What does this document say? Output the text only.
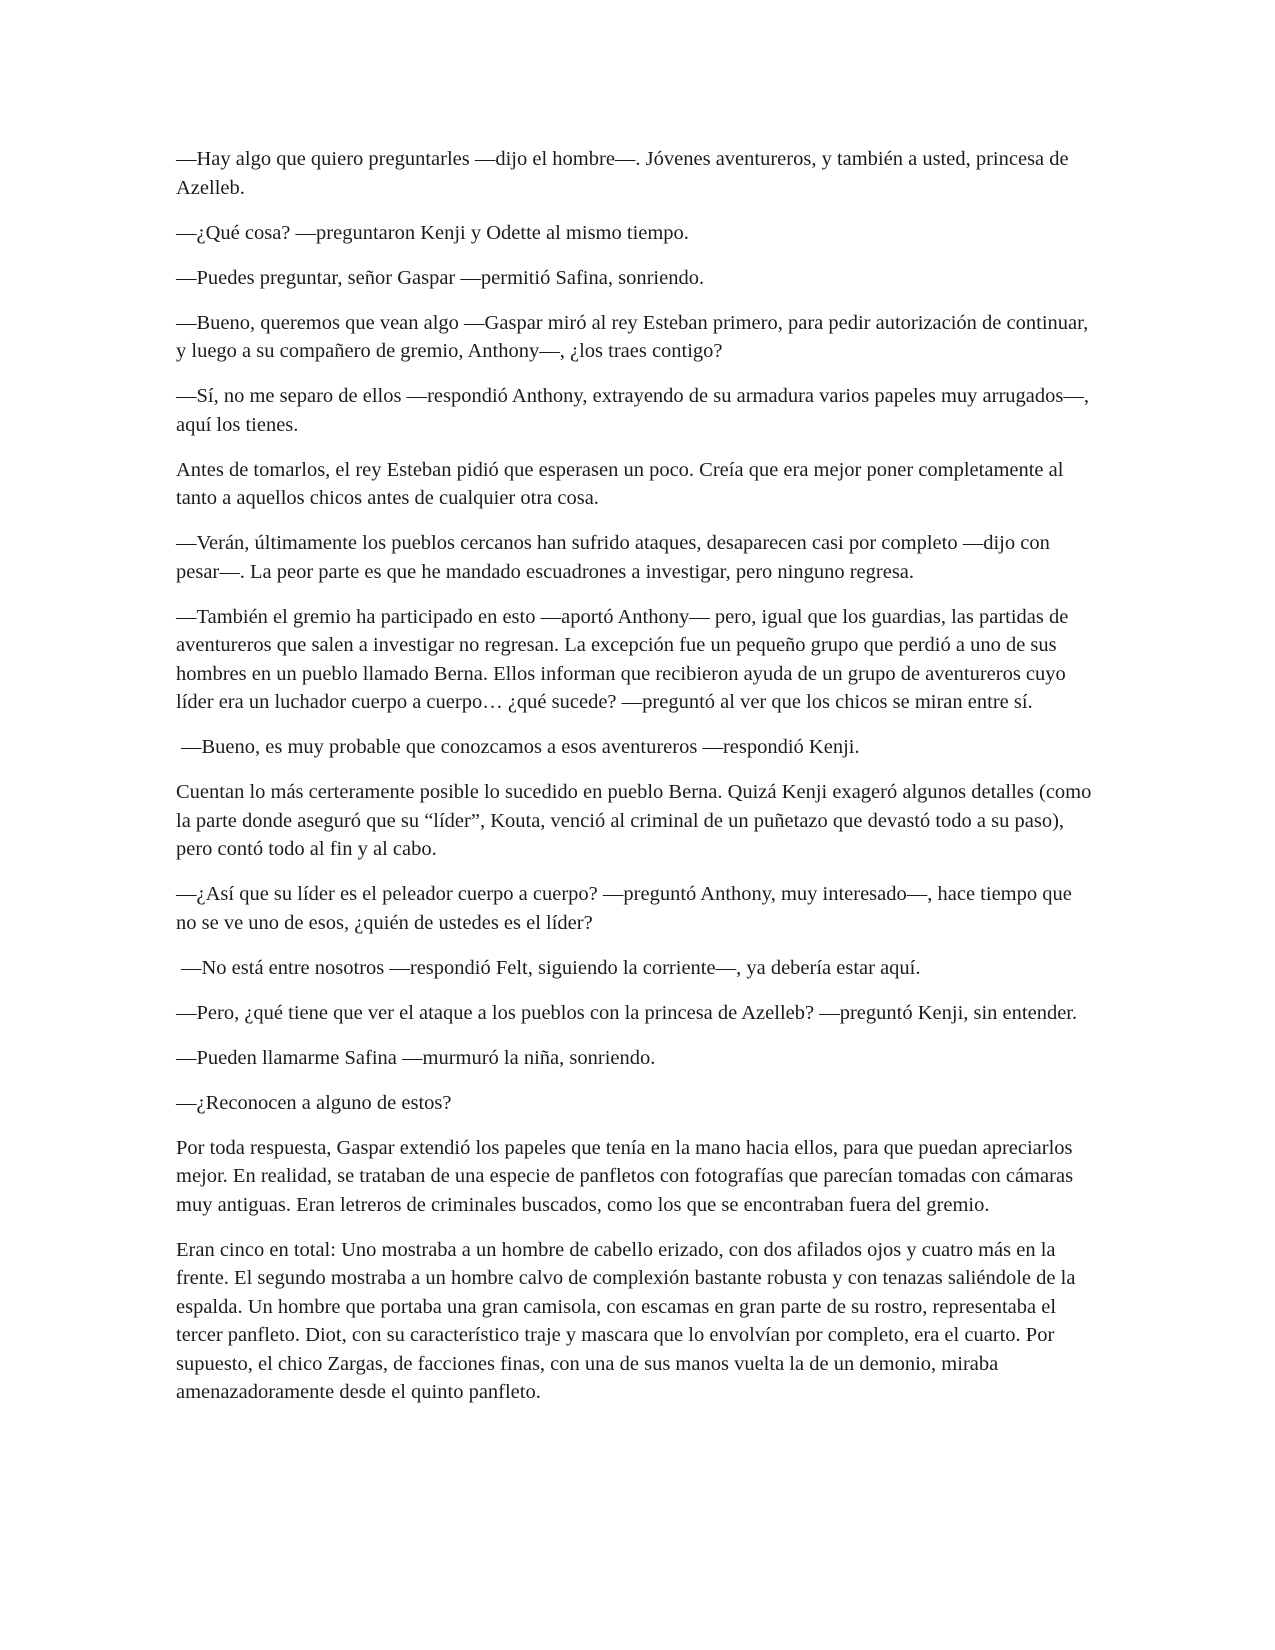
—Hay algo que quiero preguntarles —dijo el hombre—. Jóvenes aventureros, y también a usted, princesa de Azelleb.

—¿Qué cosa? —preguntaron Kenji y Odette al mismo tiempo.

—Puedes preguntar, señor Gaspar —permitió Safina, sonriendo.

—Bueno, queremos que vean algo —Gaspar miró al rey Esteban primero, para pedir autorización de continuar, y luego a su compañero de gremio, Anthony—, ¿los traes contigo?

—Sí, no me separo de ellos —respondió Anthony, extrayendo de su armadura varios papeles muy arrugados—, aquí los tienes.

Antes de tomarlos, el rey Esteban pidió que esperasen un poco. Creía que era mejor poner completamente al tanto a aquellos chicos antes de cualquier otra cosa.

—Verán, últimamente los pueblos cercanos han sufrido ataques, desaparecen casi por completo —dijo con pesar—. La peor parte es que he mandado escuadrones a investigar, pero ninguno regresa.

—También el gremio ha participado en esto —aportó Anthony— pero, igual que los guardias, las partidas de aventureros que salen a investigar no regresan. La excepción fue un pequeño grupo que perdió a uno de sus hombres en un pueblo llamado Berna. Ellos informan que recibieron ayuda de un grupo de aventureros cuyo líder era un luchador cuerpo a cuerpo… ¿qué sucede? —preguntó al ver que los chicos se miran entre sí.

—Bueno, es muy probable que conozcamos a esos aventureros —respondió Kenji.

Cuentan lo más certeramente posible lo sucedido en pueblo Berna. Quizá Kenji exageró algunos detalles (como la parte donde aseguró que su “líder”, Kouta, venció al criminal de un puñetazo que devastó todo a su paso), pero contó todo al fin y al cabo.

—¿Así que su líder es el peleador cuerpo a cuerpo? —preguntó Anthony, muy interesado—, hace tiempo que no se ve uno de esos, ¿quién de ustedes es el líder?

—No está entre nosotros —respondió Felt, siguiendo la corriente—, ya debería estar aquí.

—Pero, ¿qué tiene que ver el ataque a los pueblos con la princesa de Azelleb? —preguntó Kenji, sin entender.

—Pueden llamarme Safina —murmuró la niña, sonriendo.

—¿Reconocen a alguno de estos?

Por toda respuesta, Gaspar extendió los papeles que tenía en la mano hacia ellos, para que puedan apreciarlos mejor. En realidad, se trataban de una especie de panfletos con fotografías que parecían tomadas con cámaras muy antiguas. Eran letreros de criminales buscados, como los que se encontraban fuera del gremio.

Eran cinco en total: Uno mostraba a un hombre de cabello erizado, con dos afilados ojos y cuatro más en la frente. El segundo mostraba a un hombre calvo de complexión bastante robusta y con tenazas saliéndole de la espalda. Un hombre que portaba una gran camisola, con escamas en gran parte de su rostro, representaba el tercer panfleto. Diot, con su característico traje y mascara que lo envolvían por completo, era el cuarto. Por supuesto, el chico Zargas, de facciones finas, con una de sus manos vuelta la de un demonio, miraba amenazadoramente desde el quinto panfleto.
